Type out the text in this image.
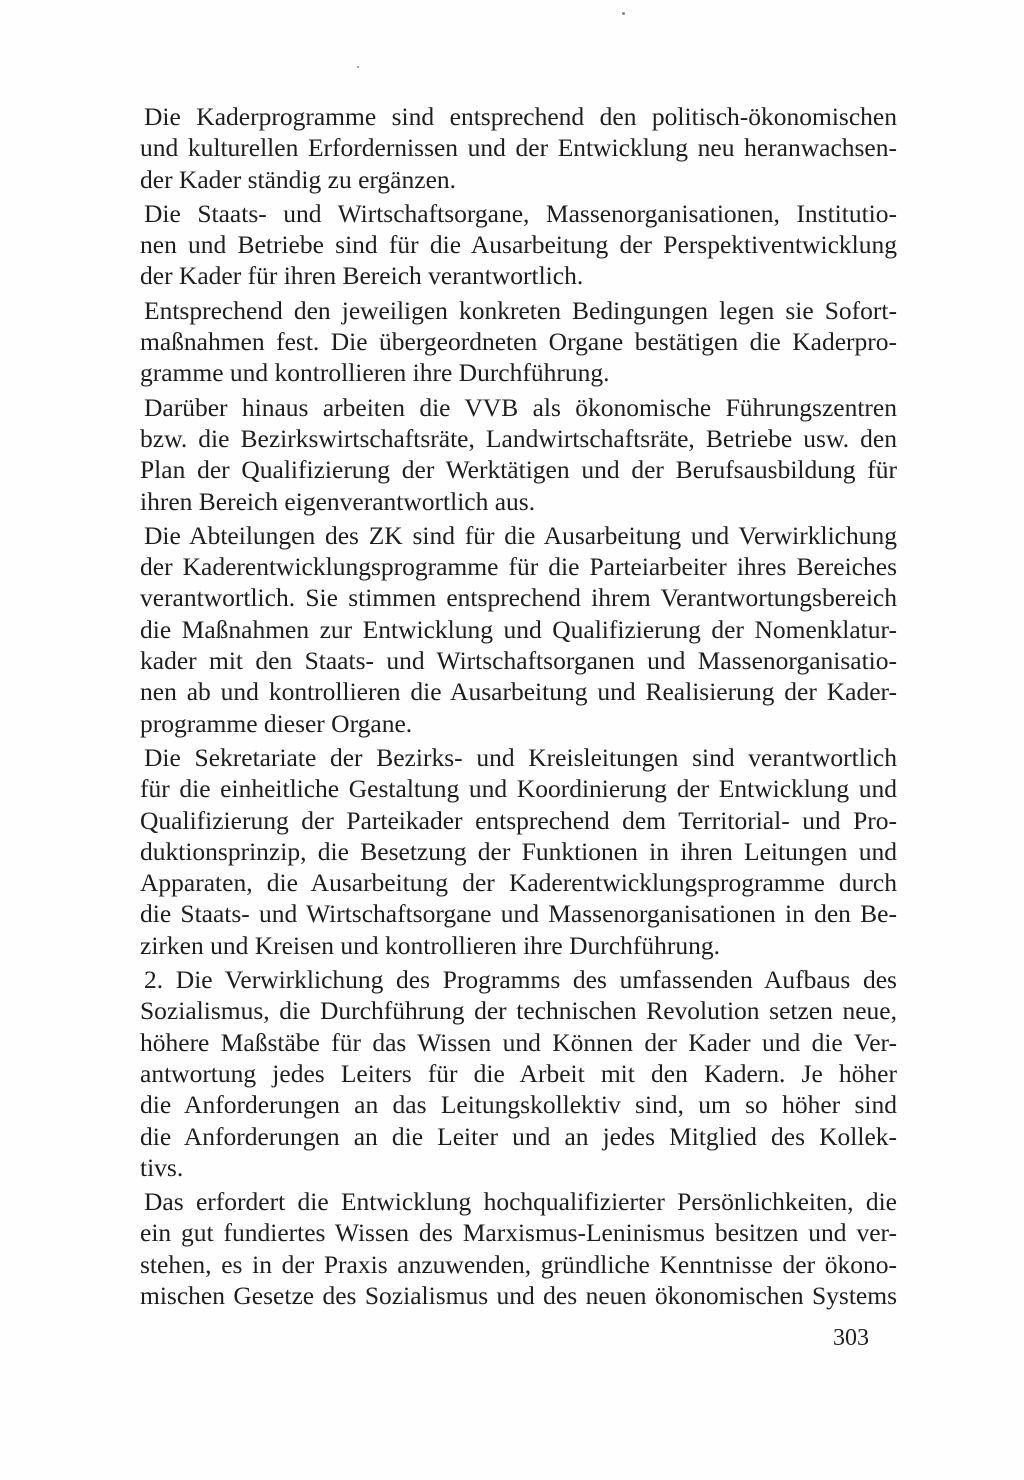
Die Kaderprogramme sind entsprechend den politisch-ökonomischen
und kulturellen Erfordernissen und der Entwicklung neu heranwachsen-
der Kader ständig zu ergänzen.
Die Staats- und Wirtschaftsorgane, Massenorganisationen, Institutio-
nen und Betriebe sind für die Ausarbeitung der Perspektiventwicklung
der Kader für ihren Bereich verantwortlich.
Entsprechend den jeweiligen konkreten Bedingungen legen sie Sofort-
maßnahmen fest. Die übergeordneten Organe bestätigen die Kaderpro-
gramme und kontrollieren ihre Durchführung.
Darüber hinaus arbeiten die VVB als ökonomische Führungszentren
bzw. die Bezirkswirtschaftsräte, Landwirtschaftsräte, Betriebe usw. den
Plan der Qualifizierung der Werktätigen und der Berufsausbildung für
ihren Bereich eigenverantwortlich aus.
Die Abteilungen des ZK sind für die Ausarbeitung und Verwirklichung
der Kaderentwicklungsprogramme für die Parteiarbeiter ihres Bereiches
verantwortlich. Sie stimmen entsprechend ihrem Verantwortungsbereich
die Maßnahmen zur Entwicklung und Qualifizierung der Nomenklatur-
kader mit den Staats- und Wirtschaftsorganen und Massenorganisatio-
nen ab und kontrollieren die Ausarbeitung und Realisierung der Kader-
programme dieser Organe.
Die Sekretariate der Bezirks- und Kreisleitungen sind verantwortlich
für die einheitliche Gestaltung und Koordinierung der Entwicklung und
Qualifizierung der Parteikader entsprechend dem Territorial- und Pro-
duktionsprinzip, die Besetzung der Funktionen in ihren Leitungen und
Apparaten, die Ausarbeitung der Kaderentwicklungsprogramme durch
die Staats- und Wirtschaftsorgane und Massenorganisationen in den Be-
zirken und Kreisen und kontrollieren ihre Durchführung.
2. Die Verwirklichung des Programms des umfassenden Aufbaus des
Sozialismus, die Durchführung der technischen Revolution setzen neue,
höhere Maßstäbe für das Wissen und Können der Kader und die Ver-
antwortung jedes Leiters für die Arbeit mit den Kadern. Je höher
die Anforderungen an das Leitungskollektiv sind, um so höher sind
die Anforderungen an die Leiter und an jedes Mitglied des Kollek-
tivs.
Das erfordert die Entwicklung hochqualifizierter Persönlichkeiten, die
ein gut fundiertes Wissen des Marxismus-Leninismus besitzen und ver-
stehen, es in der Praxis anzuwenden, gründliche Kenntnisse der ökono-
mischen Gesetze des Sozialismus und des neuen ökonomischen Systems
303
